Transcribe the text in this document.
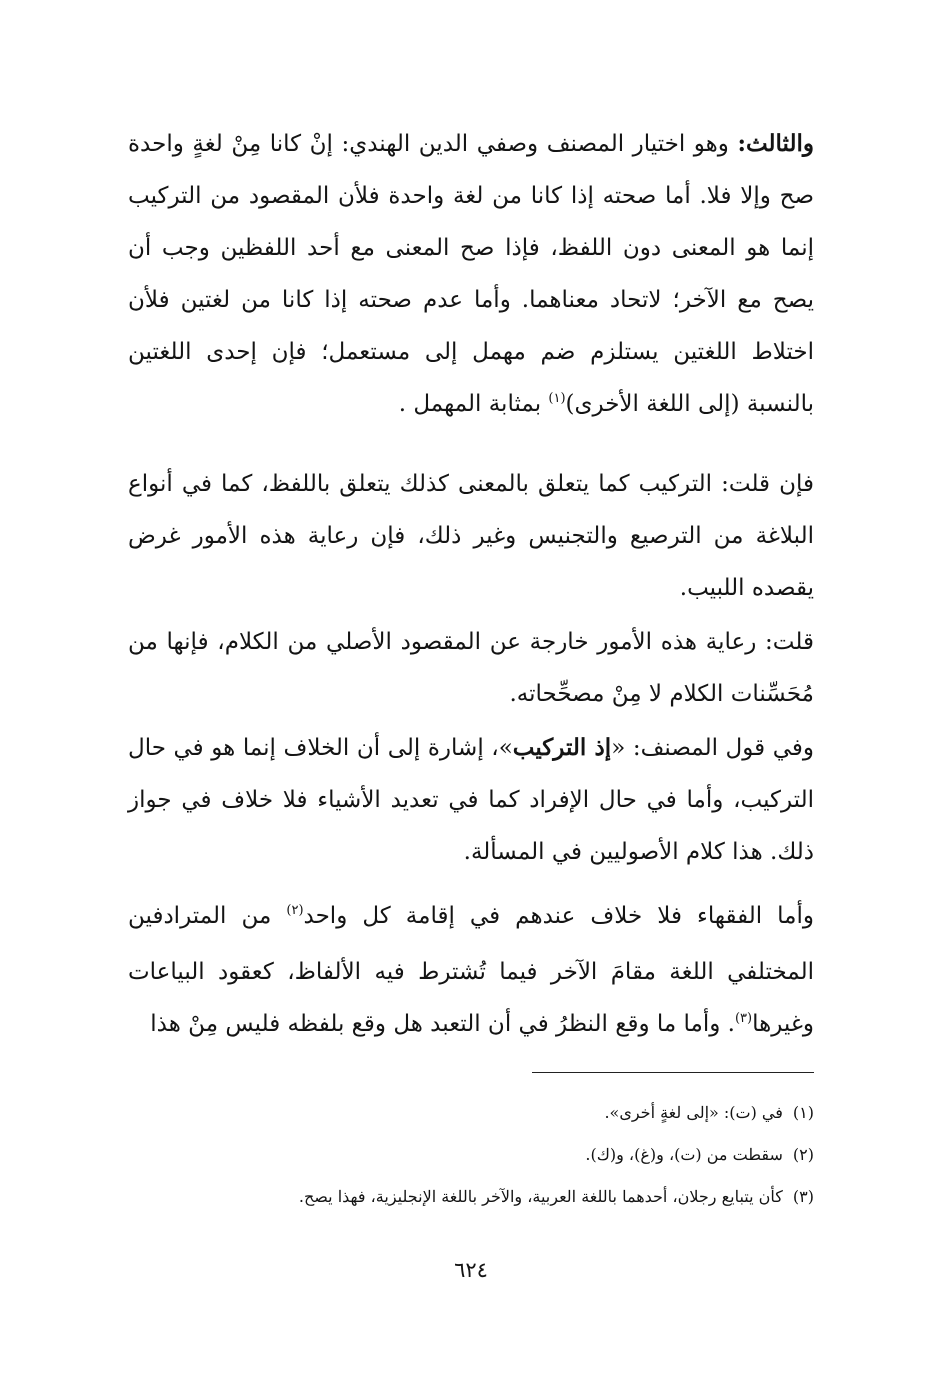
والثالث: وهو اختيار المصنف وصفي الدين الهندي: إنْ كانا مِنْ لغةٍ واحدة صح وإلا فلا. أما صحته إذا كانا من لغة واحدة فلأن المقصود من التركيب إنما هو المعنى دون اللفظ، فإذا صح المعنى مع أحد اللفظين وجب أن يصح مع الآخر؛ لاتحاد معناهما. وأما عدم صحته إذا كانا من لغتين فلأن اختلاط اللغتين يستلزم ضم مهمل إلى مستعمل؛ فإن إحدى اللغتين بالنسبة (إلى اللغة الأخرى)$^{(١)}$ بمثابة المهمل .

فإن قلت: التركيب كما يتعلق بالمعنى كذلك يتعلق باللفظ، كما في أنواع البلاغة من الترصيع والتجنيس وغير ذلك، فإن رعاية هذه الأمور غرض يقصده اللبيب.

قلت: رعاية هذه الأمور خارجة عن المقصود الأصلي من الكلام، فإنها من مُحَسِّنات الكلام لا مِنْ مصحِّحاته.

وفي قول المصنف: «إذ التركيب»، إشارة إلى أن الخلاف إنما هو في حال التركيب، وأما في حال الإفراد كما في تعديد الأشياء فلا خلاف في جواز ذلك. هذا كلام الأصوليين في المسألة.

وأما الفقهاء فلا خلاف عندهم في إقامة كل واحد$^{(٢)}$ من المترادفين المختلفي اللغة مقامَ الآخر فيما تُشترط فيه الألفاظ، كعقود البياعات وغيرها$^{(٣)}$. وأما ما وقع النظرُ في أن التعبد هل وقع بلفظه فليس مِنْ هذا

(١)في (ت): «إلى لغةٍ أخرى».
(٢)سقطت من (ت)، و(غ)، و(ك).
(٣)كأن يتبايع رجلان، أحدهما باللغة العربية، والآخر باللغة الإنجليزية، فهذا يصح.
٦٢٤
